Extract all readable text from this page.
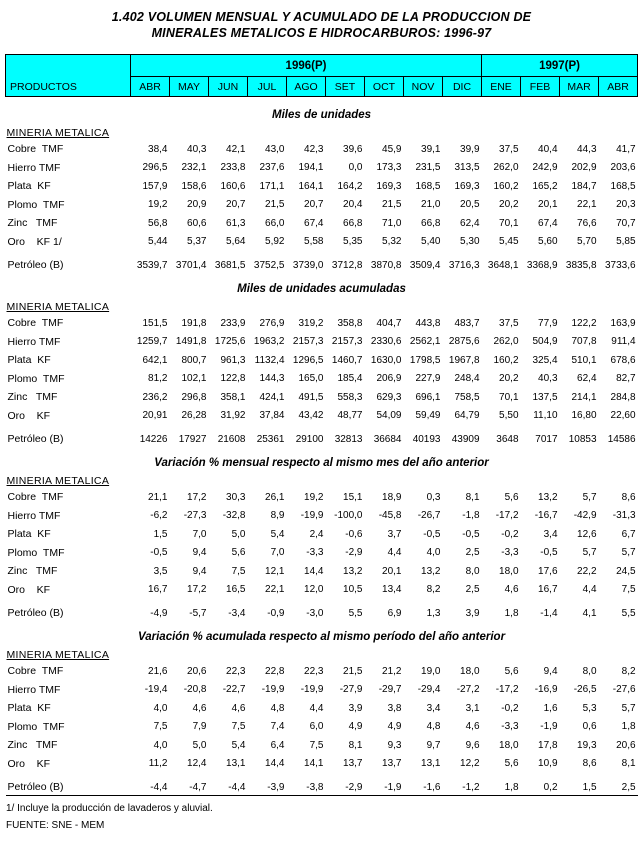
1.402 VOLUMEN MENSUAL Y ACUMULADO DE LA PRODUCCION DE
MINERALES METALICOS E HIDROCARBUROS: 1996-97
PRODUCTOS	1996(P)									1997(P)			
	ABR	MAY	JUN	JUL	AGO	SET	OCT	NOV	DIC	ENE	FEB	MAR	ABR
Miles de unidades													
MINERIA METALICA													
Cobre  TMF	38,4	40,3	42,1	43,0	42,3	39,6	45,9	39,1	39,9	37,5	40,4	44,3	41,7
Hierro TMF	296,5	232,1	233,8	237,6	194,1	0,0	173,3	231,5	313,5	262,0	242,9	202,9	203,6
Plata  KF	157,9	158,6	160,6	171,1	164,1	164,2	169,3	168,5	169,3	160,2	165,2	184,7	168,5
Plomo  TMF	19,2	20,9	20,7	21,5	20,7	20,4	21,5	21,0	20,5	20,2	20,1	22,1	20,3
Zinc   TMF	56,8	60,6	61,3	66,0	67,4	66,8	71,0	66,8	62,4	70,1	67,4	76,6	70,7
Oro    KF 1/	5,44	5,37	5,64	5,92	5,58	5,35	5,32	5,40	5,30	5,45	5,60	5,70	5,85
Petróleo (B)	3539,7	3701,4	3681,5	3752,5	3739,0	3712,8	3870,8	3509,4	3716,3	3648,1	3368,9	3835,8	3733,6
Miles de unidades acumuladas													
MINERIA METALICA													
Cobre  TMF	151,5	191,8	233,9	276,9	319,2	358,8	404,7	443,8	483,7	37,5	77,9	122,2	163,9
Hierro TMF	1259,7	1491,8	1725,6	1963,2	2157,3	2157,3	2330,6	2562,1	2875,6	262,0	504,9	707,8	911,4
Plata  KF	642,1	800,7	961,3	1132,4	1296,5	1460,7	1630,0	1798,5	1967,8	160,2	325,4	510,1	678,6
Plomo  TMF	81,2	102,1	122,8	144,3	165,0	185,4	206,9	227,9	248,4	20,2	40,3	62,4	82,7
Zinc   TMF	236,2	296,8	358,1	424,1	491,5	558,3	629,3	696,1	758,5	70,1	137,5	214,1	284,8
Oro    KF	20,91	26,28	31,92	37,84	43,42	48,77	54,09	59,49	64,79	5,50	11,10	16,80	22,60
Petróleo (B)	14226	17927	21608	25361	29100	32813	36684	40193	43909	3648	7017	10853	14586
Variación % mensual respecto al mismo mes del año anterior													
MINERIA METALICA													
Cobre  TMF	21,1	17,2	30,3	26,1	19,2	15,1	18,9	0,3	8,1	5,6	13,2	5,7	8,6
Hierro TMF	-6,2	-27,3	-32,8	8,9	-19,9	-100,0	-45,8	-26,7	-1,8	-17,2	-16,7	-42,9	-31,3
Plata  KF	1,5	7,0	5,0	5,4	2,4	-0,6	3,7	-0,5	-0,5	-0,2	3,4	12,6	6,7
Plomo  TMF	-0,5	9,4	5,6	7,0	-3,3	-2,9	4,4	4,0	2,5	-3,3	-0,5	5,7	5,7
Zinc   TMF	3,5	9,4	7,5	12,1	14,4	13,2	20,1	13,2	8,0	18,0	17,6	22,2	24,5
Oro    KF	16,7	17,2	16,5	22,1	12,0	10,5	13,4	8,2	2,5	4,6	16,7	4,4	7,5
Petróleo (B)	-4,9	-5,7	-3,4	-0,9	-3,0	5,5	6,9	1,3	3,9	1,8	-1,4	4,1	5,5
Variación % acumulada respecto al mismo período del año anterior													
MINERIA METALICA													
Cobre  TMF	21,6	20,6	22,3	22,8	22,3	21,5	21,2	19,0	18,0	5,6	9,4	8,0	8,2
Hierro TMF	-19,4	-20,8	-22,7	-19,9	-19,9	-27,9	-29,7	-29,4	-27,2	-17,2	-16,9	-26,5	-27,6
Plata  KF	4,0	4,6	4,6	4,8	4,4	3,9	3,8	3,4	3,1	-0,2	1,6	5,3	5,7
Plomo  TMF	7,5	7,9	7,5	7,4	6,0	4,9	4,9	4,8	4,6	-3,3	-1,9	0,6	1,8
Zinc   TMF	4,0	5,0	5,4	6,4	7,5	8,1	9,3	9,7	9,6	18,0	17,8	19,3	20,6
Oro    KF	11,2	12,4	13,1	14,4	14,1	13,7	13,7	13,1	12,2	5,6	10,9	8,6	8,1
Petróleo (B)	-4,4	-4,7	-4,4	-3,9	-3,8	-2,9	-1,9	-1,6	-1,2	1,8	0,2	1,5	2,5
1/ Incluye la producción de lavaderos y aluvial.
FUENTE: SNE - MEM
